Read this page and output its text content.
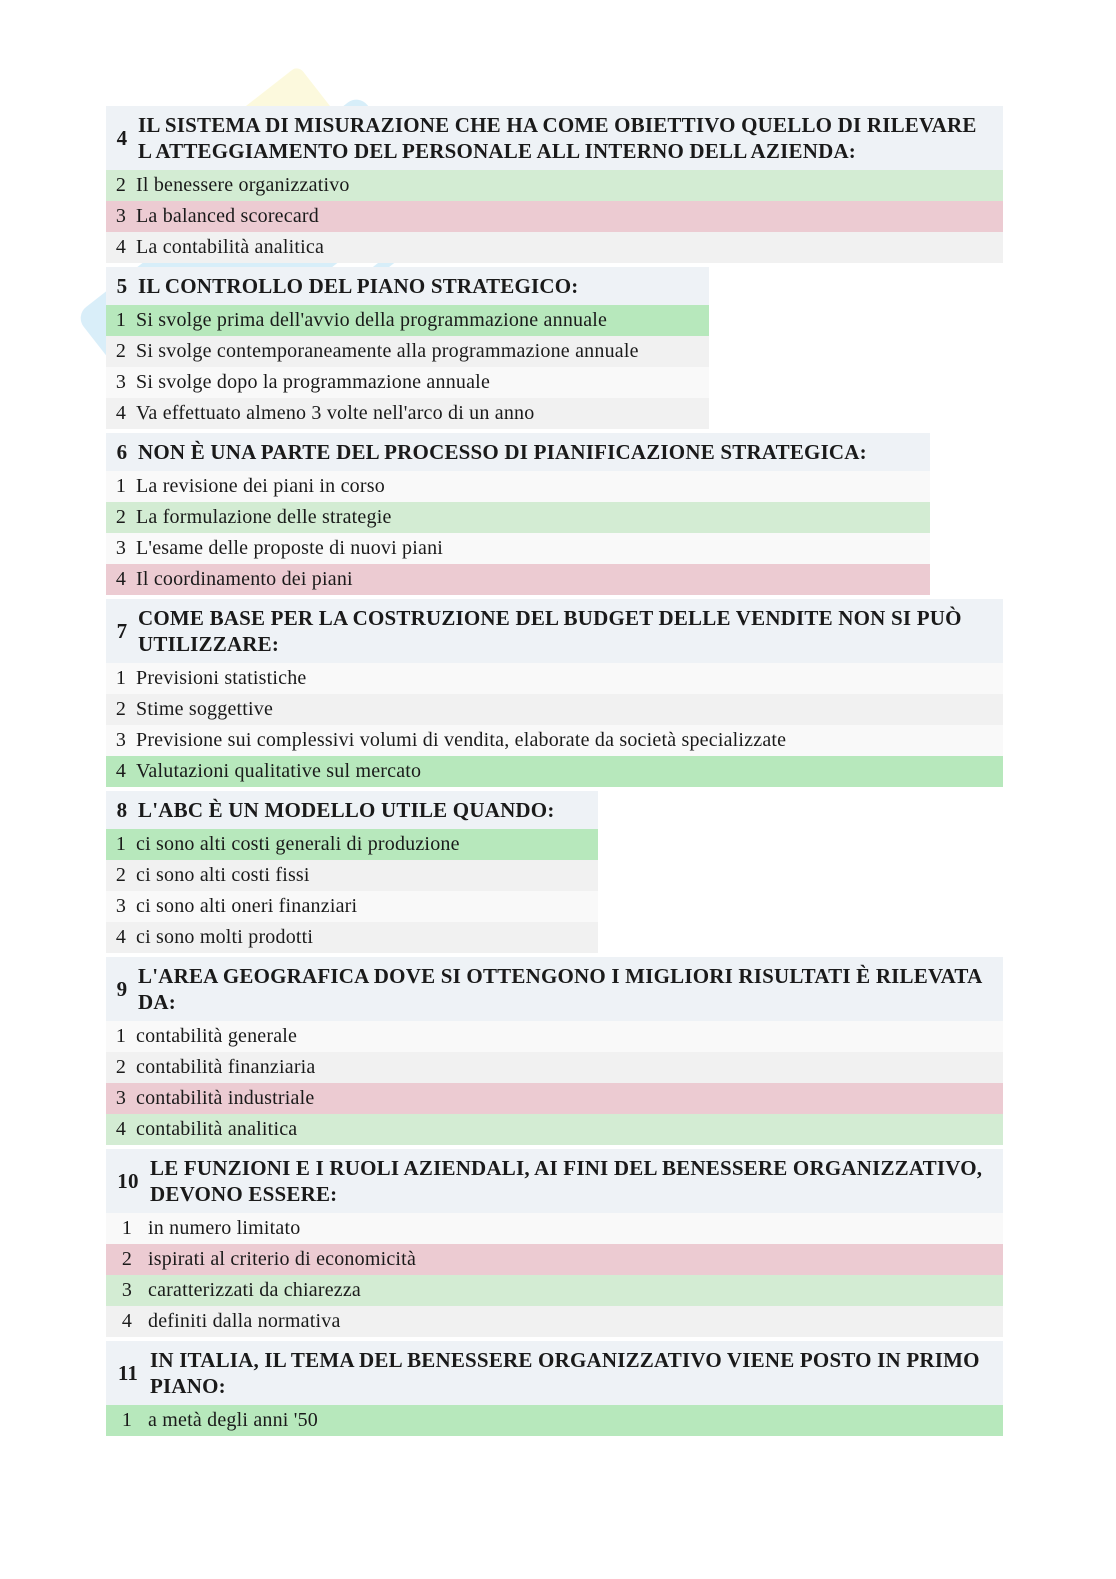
4
IL SISTEMA DI MISURAZIONE CHE HA COME OBIETTIVO QUELLO DI RILEVARE L ATTEGGIAMENTO DEL PERSONALE ALL INTERNO DELL AZIENDA:
2 Il benessere organizzativo
3 La balanced scorecard
4 La contabilità analitica
5 IL CONTROLLO DEL PIANO STRATEGICO:
1 Si svolge prima dell'avvio della programmazione annuale
2 Si svolge contemporaneamente alla programmazione annuale
3 Si svolge dopo la programmazione annuale
4 Va effettuato almeno 3 volte nell'arco di un anno
6 NON È UNA PARTE DEL PROCESSO DI PIANIFICAZIONE STRATEGICA:
1 La revisione dei piani in corso
2 La formulazione delle strategie
3 L'esame delle proposte di nuovi piani
4 Il coordinamento dei piani
7
COME BASE PER LA COSTRUZIONE DEL BUDGET DELLE VENDITE NON SI PUÒ UTILIZZARE:
1 Previsioni statistiche
2 Stime soggettive
3 Previsione sui complessivi volumi di vendita, elaborate da società specializzate
4 Valutazioni qualitative sul mercato
8 L'ABC È UN MODELLO UTILE QUANDO:
1 ci sono alti costi generali di produzione
2 ci sono alti costi fissi
3 ci sono alti oneri finanziari
4 ci sono molti prodotti
9
L'AREA GEOGRAFICA DOVE SI OTTENGONO I MIGLIORI RISULTATI È RILEVATA DA:
1 contabilità generale
2 contabilità finanziaria
3 contabilità industriale
4 contabilità analitica
10
LE FUNZIONI E I RUOLI AZIENDALI, AI FINI DEL BENESSERE ORGANIZZATIVO, DEVONO ESSERE:
1 in numero limitato
2 ispirati al criterio di economicità
3 caratterizzati da chiarezza
4 definiti dalla normativa
11
IN ITALIA, IL TEMA DEL BENESSERE ORGANIZZATIVO VIENE POSTO IN PRIMO PIANO:
1 a metà degli anni '50
